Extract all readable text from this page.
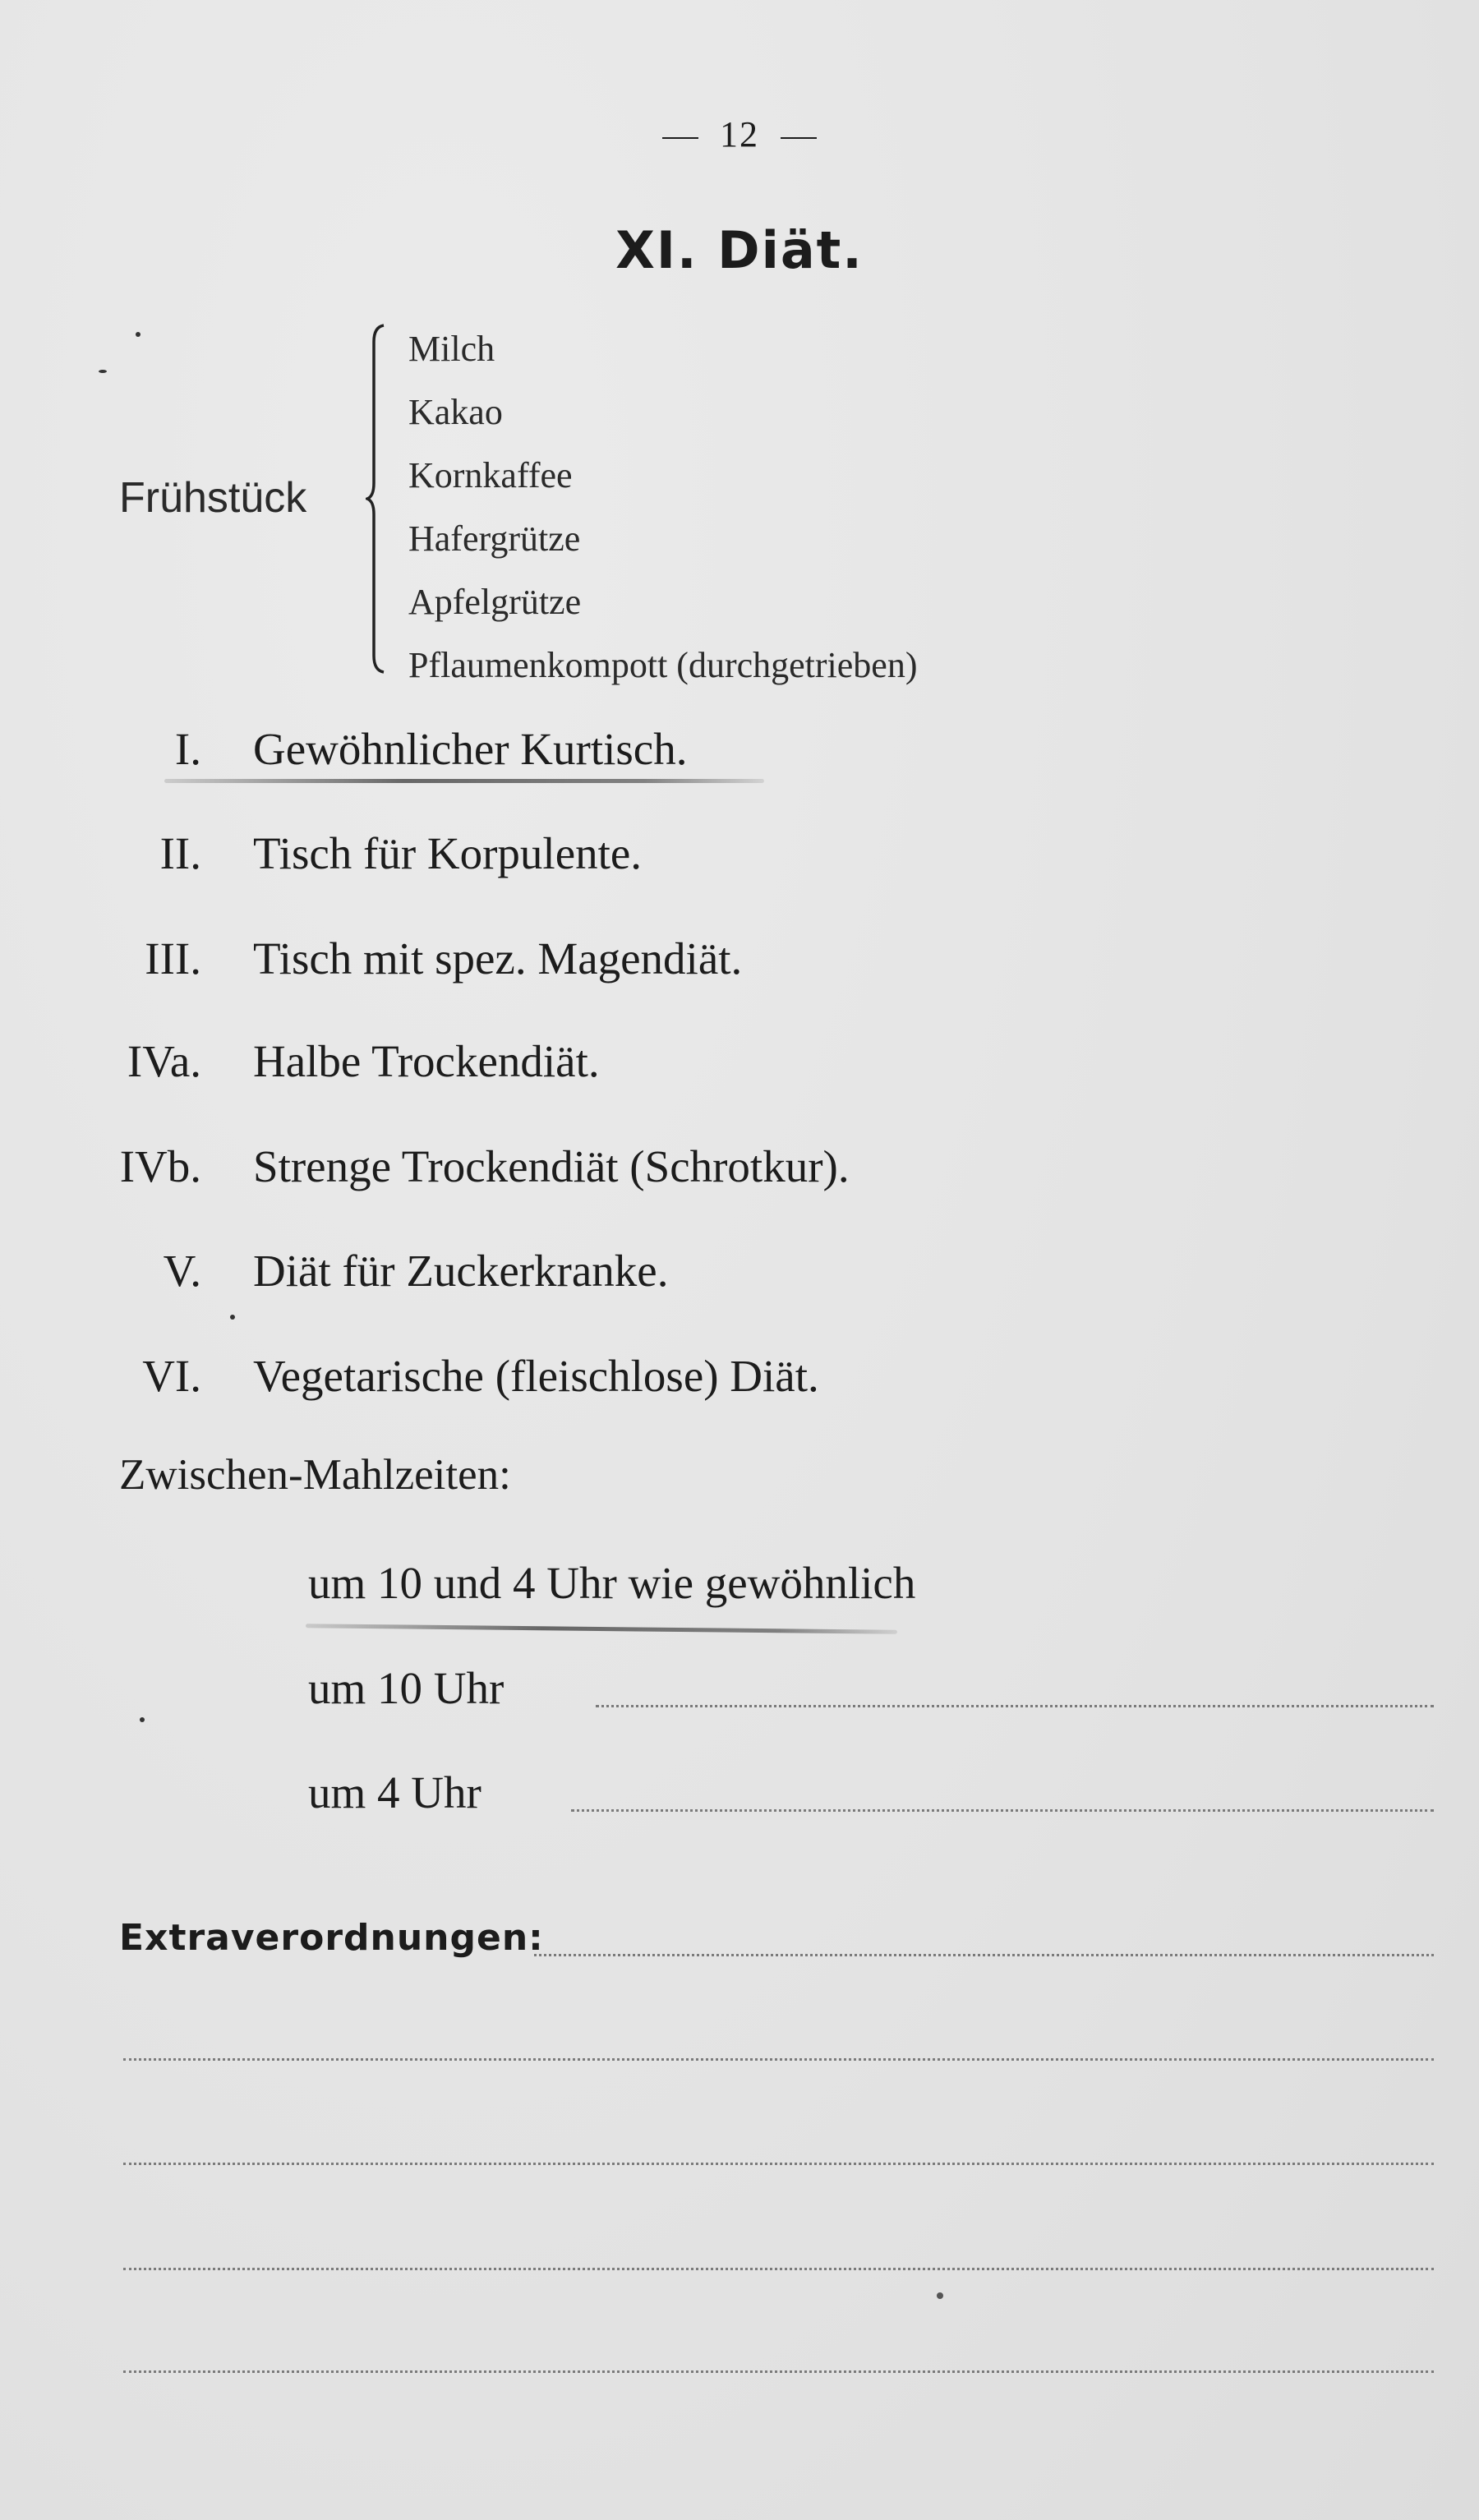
12
XI. Diät.
Frühstück
Milch
Kakao
Kornkaffee
Hafergrütze
Apfelgrütze
Pflaumenkompott (durchgetrieben)
I. Gewöhnlicher Kurtisch.
II. Tisch für Korpulente.
III. Tisch mit spez. Magendiät.
IVa. Halbe Trockendiät.
IVb. Strenge Trockendiät (Schrotkur).
V. Diät für Zuckerkranke.
VI. Vegetarische (fleischlose) Diät.
Zwischen-Mahlzeiten:
um 10 und 4 Uhr wie gewöhnlich
um 10 Uhr
um 4 Uhr
Extraverordnungen:
